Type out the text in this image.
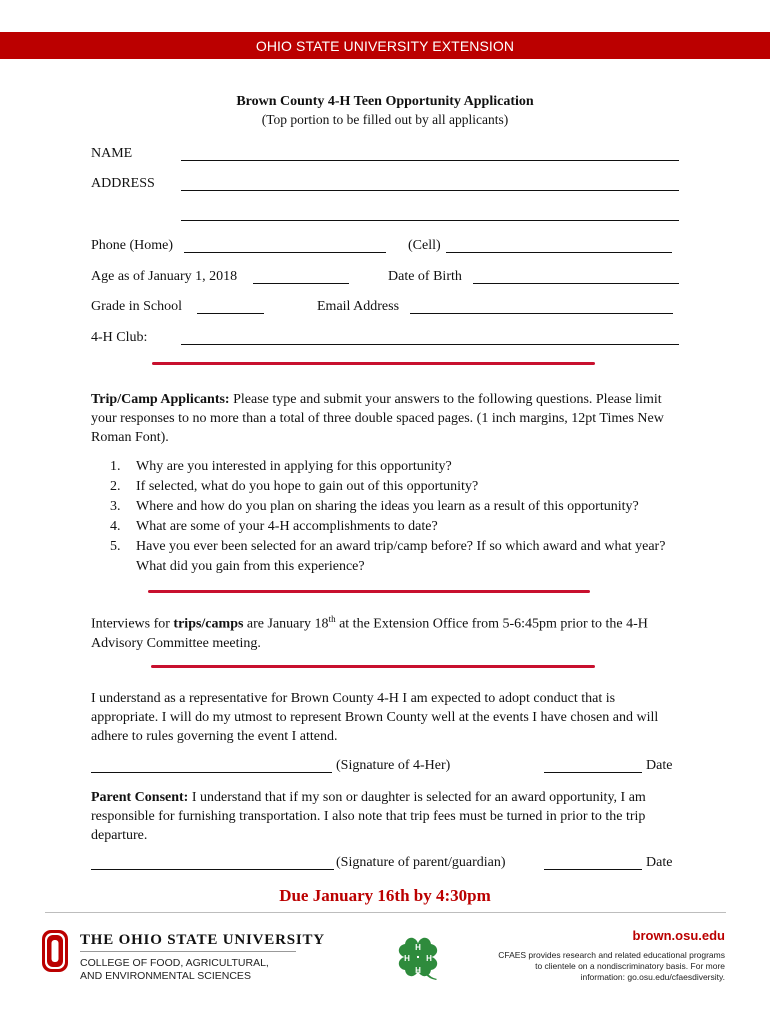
OHIO STATE UNIVERSITY EXTENSION
Brown County 4-H Teen Opportunity Application
(Top portion to be filled out by all applicants)
NAME
ADDRESS
Phone (Home)	(Cell)
Age as of January 1, 2018	Date of Birth
Grade in School	Email Address
4-H Club:
Trip/Camp Applicants: Please type and submit your answers to the following questions. Please limit your responses to no more than a total of three double spaced pages. (1 inch margins, 12pt Times New Roman Font).
1. Why are you interested in applying for this opportunity?
2. If selected, what do you hope to gain out of this opportunity?
3. Where and how do you plan on sharing the ideas you learn as a result of this opportunity?
4. What are some of your 4-H accomplishments to date?
5. Have you ever been selected for an award trip/camp before? If so which award and what year? What did you gain from this experience?
Interviews for trips/camps are January 18th at the Extension Office from 5-6:45pm prior to the 4-H Advisory Committee meeting.
I understand as a representative for Brown County 4-H I am expected to adopt conduct that is appropriate. I will do my utmost to represent Brown County well at the events I have chosen and will adhere to rules governing the event I attend.
(Signature of 4-Her)	Date
Parent Consent: I understand that if my son or daughter is selected for an award opportunity, I am responsible for furnishing transportation. I also note that trip fees must be turned in prior to the trip departure.
(Signature of parent/guardian)	Date
Due January 16th by 4:30pm
THE OHIO STATE UNIVERSITY
COLLEGE OF FOOD, AGRICULTURAL,
AND ENVIRONMENTAL SCIENCES
H
H
H H
brown.osu.edu
CFAES provides research and related educational programs to clientele on a nondiscriminatory basis. For more information: go.osu.edu/cfaesdiversity.
